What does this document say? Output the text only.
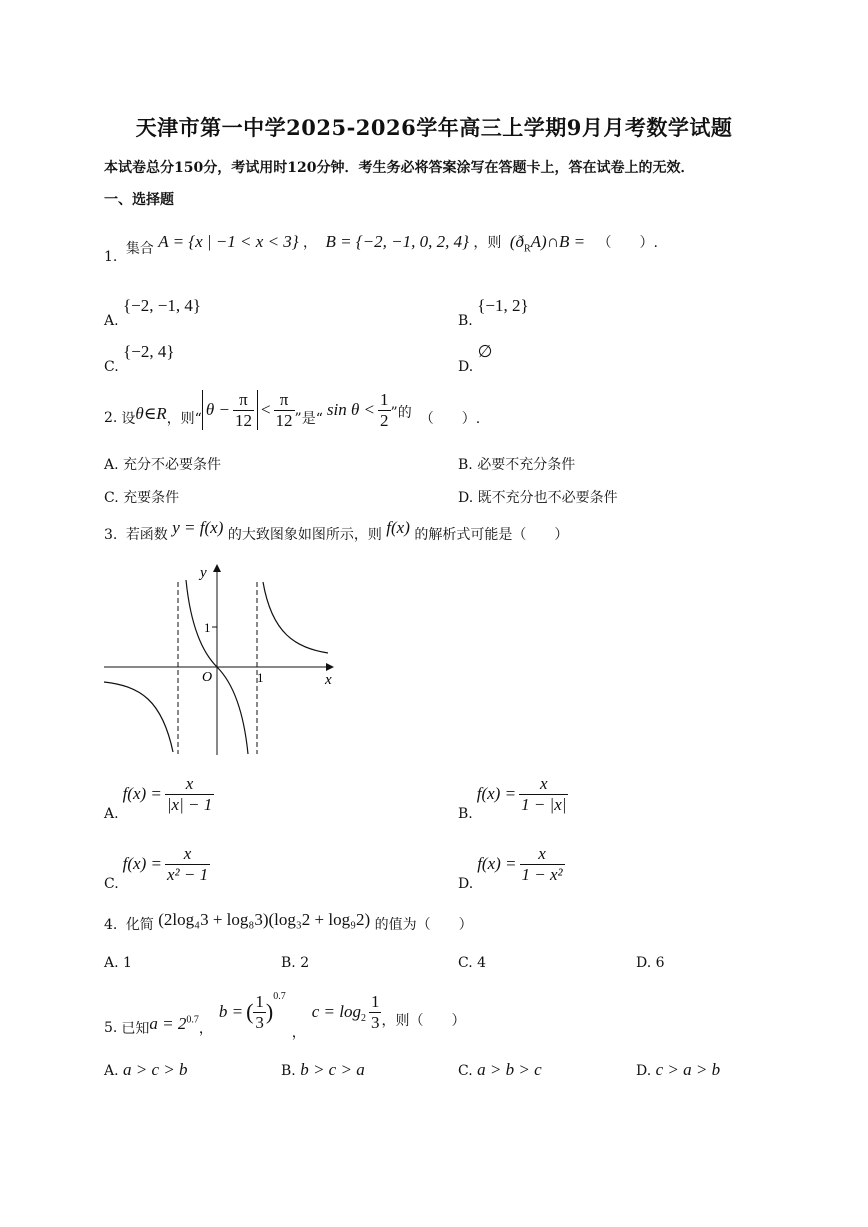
天津市第一中学2025-2026学年高三上学期9月月考数学试题
本试卷总分150分，考试用时120分钟．考生务必将答案涂写在答题卡上，答在试卷上的无效．
一、选择题
1. 集合 A = {x | −1 < x < 3} ， B = {−2, −1, 0, 2, 4} ，则 $(ð_RA)\cap B$ = （　　）.
A. {−2, −1, 4}
B. {−1, 2}
C. {−2, 4}
D. ∅
2. 设 θ∈R ，则“ $\theta - \frac{\pi}{12} < \frac{\pi}{12}$ ”是“ $\sin \theta < \frac{1}{2}$ ”的 （　　）.
A. 充分不必要条件	B. 必要不充分条件
C. 充要条件	D. 既不充分也不必要条件
3. 若函数 y = f(x) 的大致图象如图所示，则 f(x) 的解析式可能是（　　）
y
x
O	1
1
A.
$f(x) = \frac{x}{|x| - 1}$	B.
$f(x) = \frac{x}{1 - |x|}$
C.
$f(x) = \frac{x}{\text{x² − 1}}$	D.
$f(x) = \frac{x}{\text{1 − x²}}$
4. 化简 (2log₄3 + log₈3)(log₃2 + log₉2) 的值为（　　）
A. 1	B. 2	C. 4	D. 6
5. 已知 $a = 2^{0.7}$
，
b = ( $\frac{1}{3}$ )
$^{0.7}$
，
$c = \log_2 \frac{1}{3}$ ，则（　　）
A. a > c > b	B. b > c > a	C. a > b > c	D. c > a > b
